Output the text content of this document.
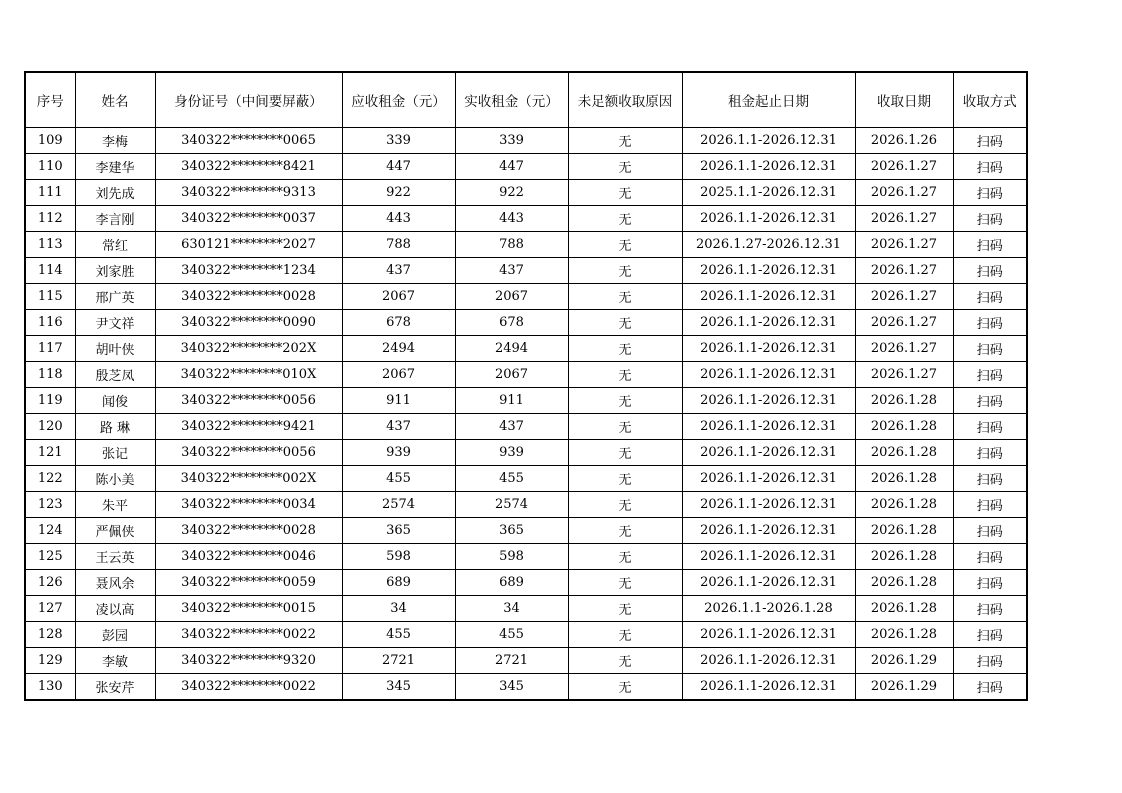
序号	姓名	身份证号（中间要屏蔽）	应收租金（元）	实收租金（元）	未足额收取原因	租金起止日期	收取日期	收取方式
109	李梅	340322********0065	339	339	无	2026.1.1-2026.12.31	2026.1.26	扫码
110	李建华	340322********8421	447	447	无	2026.1.1-2026.12.31	2026.1.27	扫码
111	刘先成	340322********9313	922	922	无	2025.1.1-2026.12.31	2026.1.27	扫码
112	李言刚	340322********0037	443	443	无	2026.1.1-2026.12.31	2026.1.27	扫码
113	常红	630121********2027	788	788	无	2026.1.27-2026.12.31	2026.1.27	扫码
114	刘家胜	340322********1234	437	437	无	2026.1.1-2026.12.31	2026.1.27	扫码
115	邢广英	340322********0028	2067	2067	无	2026.1.1-2026.12.31	2026.1.27	扫码
116	尹文祥	340322********0090	678	678	无	2026.1.1-2026.12.31	2026.1.27	扫码
117	胡叶侠	340322********202X	2494	2494	无	2026.1.1-2026.12.31	2026.1.27	扫码
118	殷芝凤	340322********010X	2067	2067	无	2026.1.1-2026.12.31	2026.1.27	扫码
119	闻俊	340322********0056	911	911	无	2026.1.1-2026.12.31	2026.1.28	扫码
120	路 琳	340322********9421	437	437	无	2026.1.1-2026.12.31	2026.1.28	扫码
121	张记	340322********0056	939	939	无	2026.1.1-2026.12.31	2026.1.28	扫码
122	陈小美	340322********002X	455	455	无	2026.1.1-2026.12.31	2026.1.28	扫码
123	朱平	340322********0034	2574	2574	无	2026.1.1-2026.12.31	2026.1.28	扫码
124	严佩侠	340322********0028	365	365	无	2026.1.1-2026.12.31	2026.1.28	扫码
125	王云英	340322********0046	598	598	无	2026.1.1-2026.12.31	2026.1.28	扫码
126	聂风余	340322********0059	689	689	无	2026.1.1-2026.12.31	2026.1.28	扫码
127	凌以高	340322********0015	34	34	无	2026.1.1-2026.1.28	2026.1.28	扫码
128	彭园	340322********0022	455	455	无	2026.1.1-2026.12.31	2026.1.28	扫码
129	李敏	340322********9320	2721	2721	无	2026.1.1-2026.12.31	2026.1.29	扫码
130	张安芹	340322********0022	345	345	无	2026.1.1-2026.12.31	2026.1.29	扫码
